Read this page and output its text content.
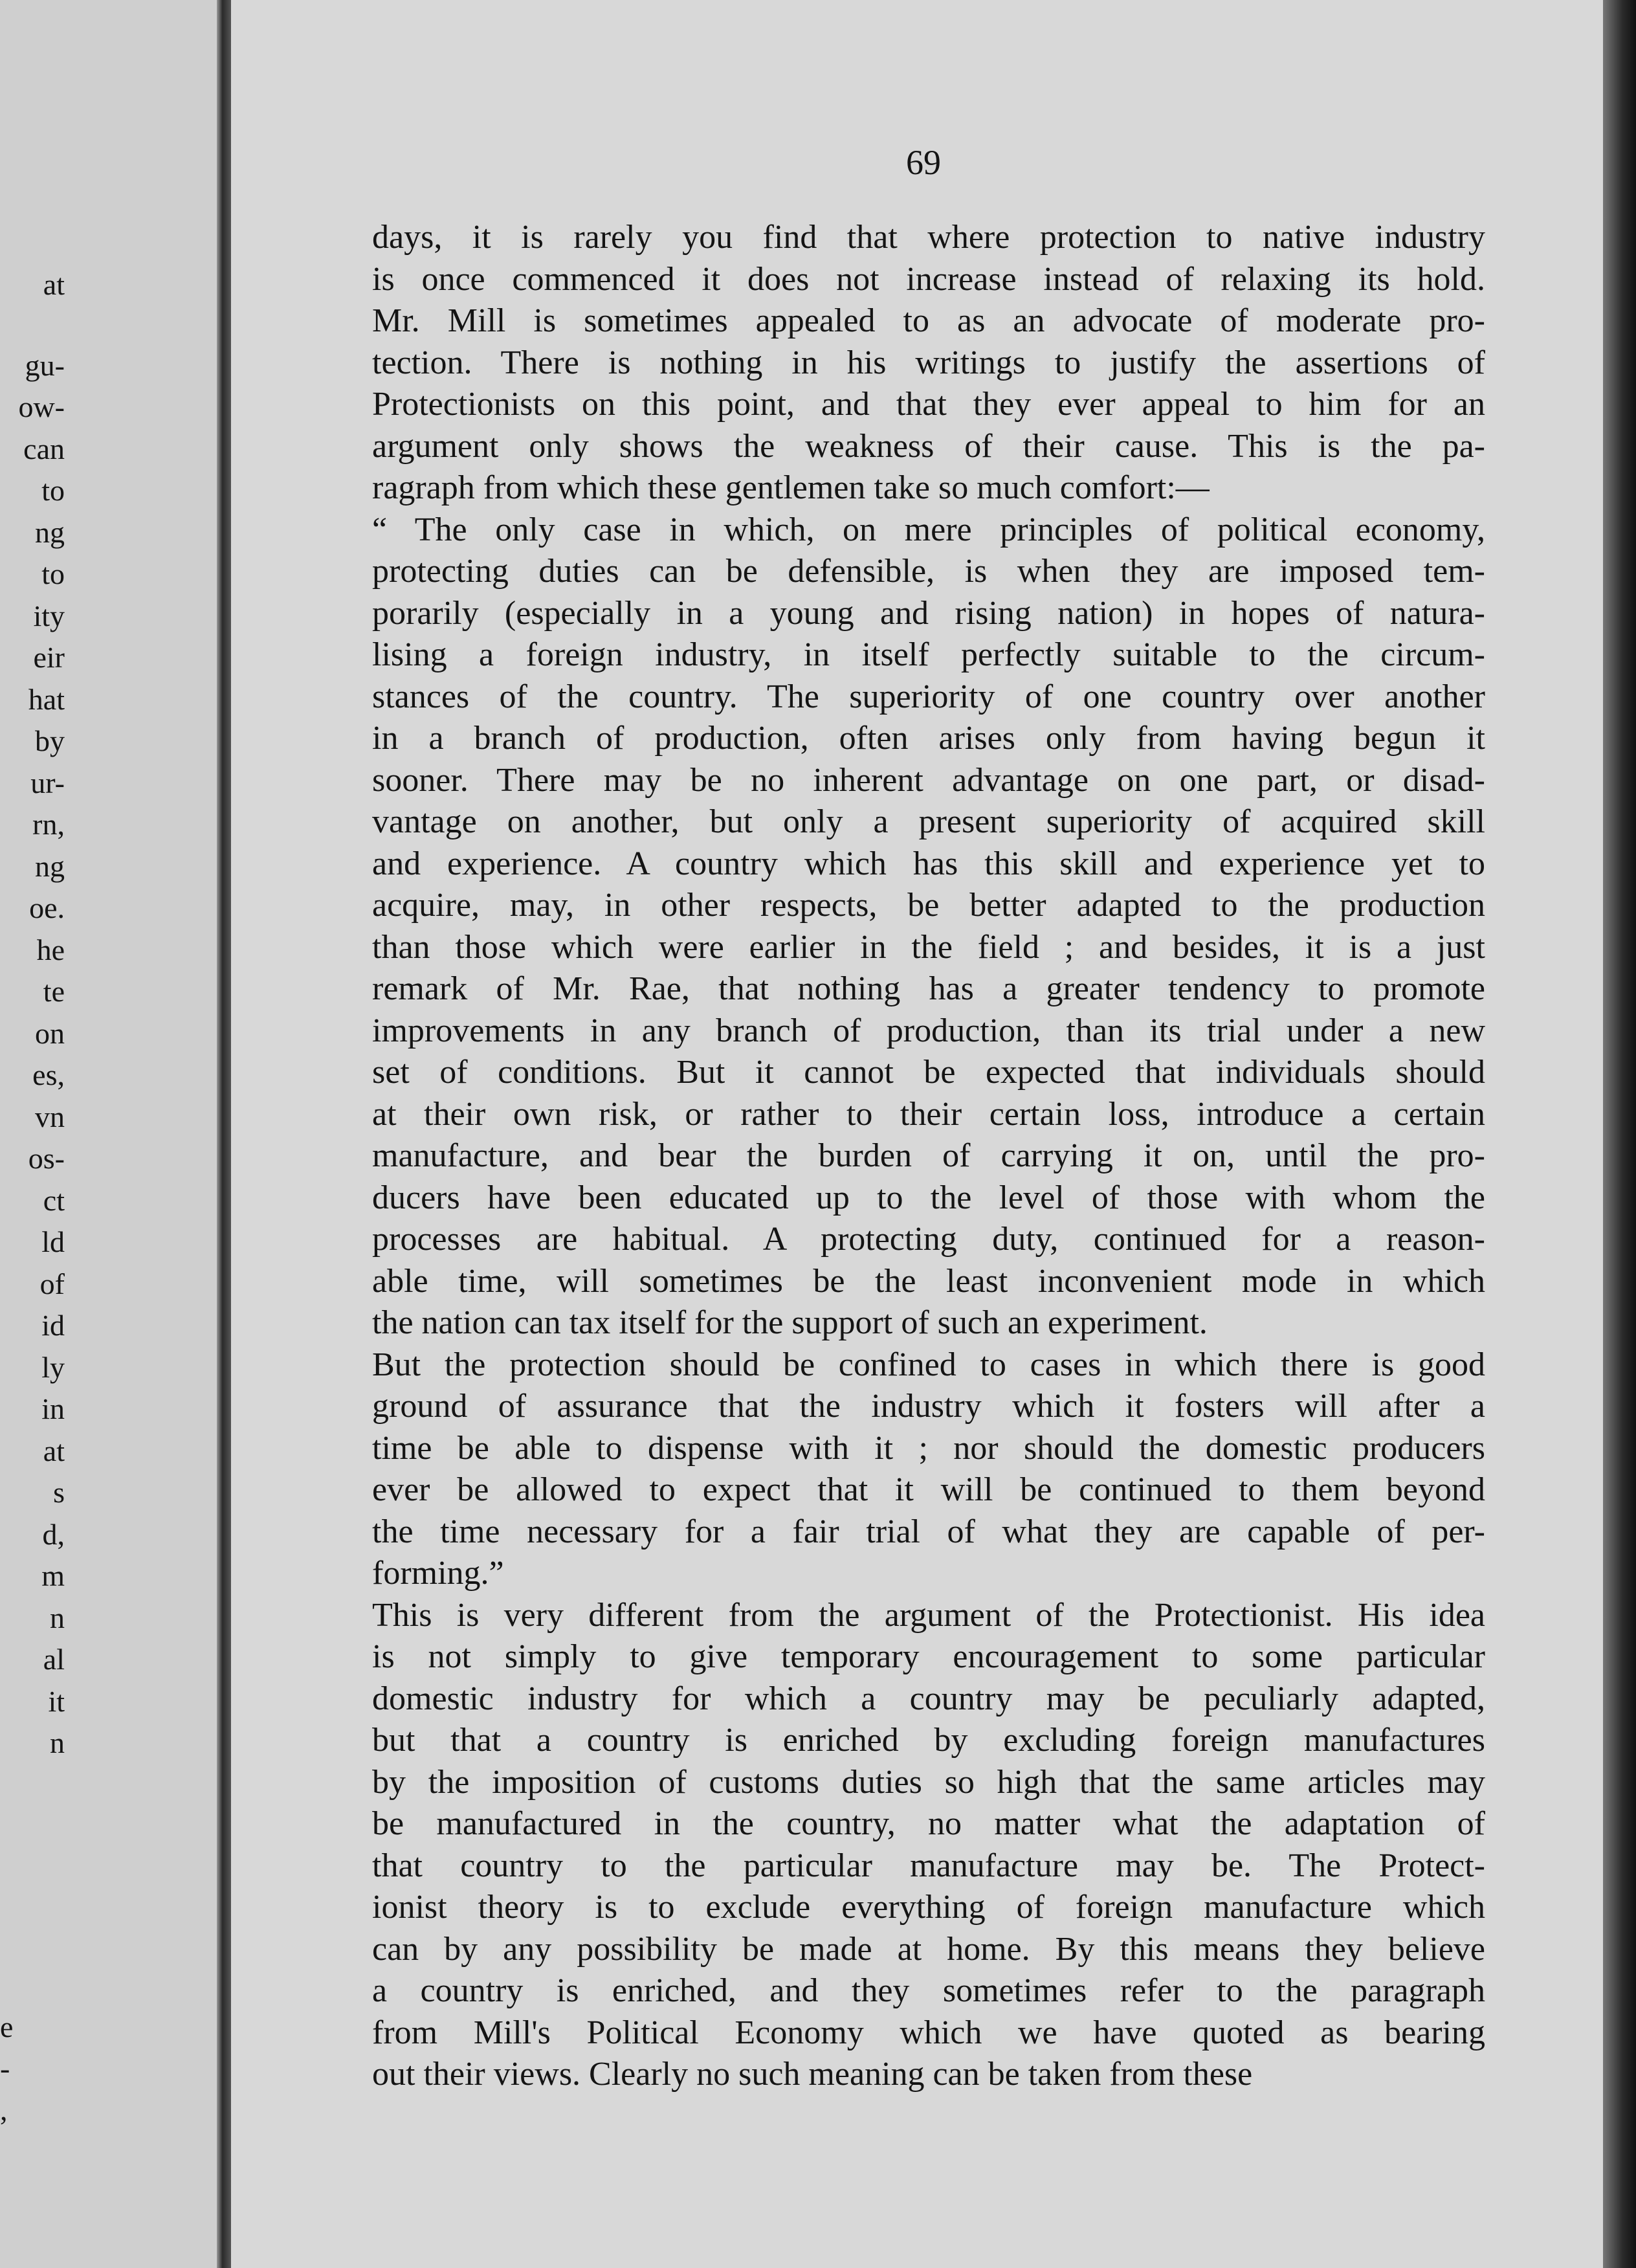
at
gu-
ow-
can
to
ng
to
ity
eir
hat
by
ur-
rn,
ng
oe.
he
te
on
es,
vn
os-
ct
ld
of
id
ly
in
at
s
d,
m
n
al
it
n
e
-
,
69
days, it is rarely you find that where protection to native industry
is once commenced it does not increase instead of relaxing its hold.
Mr. Mill is sometimes appealed to as an advocate of moderate pro-
tection. There is nothing in his writings to justify the assertions of
Protectionists on this point, and that they ever appeal to him for an
argument only shows the weakness of their cause. This is the pa-
ragraph from which these gentlemen take so much comfort:—
“ The only case in which, on mere principles of political economy,
protecting duties can be defensible, is when they are imposed tem-
porarily (especially in a young and rising nation) in hopes of natura-
lising a foreign industry, in itself perfectly suitable to the circum-
stances of the country. The superiority of one country over another
in a branch of production, often arises only from having begun it
sooner. There may be no inherent advantage on one part, or disad-
vantage on another, but only a present superiority of acquired skill
and experience. A country which has this skill and experience yet to
acquire, may, in other respects, be better adapted to the production
than those which were earlier in the field ; and besides, it is a just
remark of Mr. Rae, that nothing has a greater tendency to promote
improvements in any branch of production, than its trial under a new
set of conditions. But it cannot be expected that individuals should
at their own risk, or rather to their certain loss, introduce a certain
manufacture, and bear the burden of carrying it on, until the pro-
ducers have been educated up to the level of those with whom the
processes are habitual. A protecting duty, continued for a reason-
able time, will sometimes be the least inconvenient mode in which
the nation can tax itself for the support of such an experiment.
But the protection should be confined to cases in which there is good
ground of assurance that the industry which it fosters will after a
time be able to dispense with it ; nor should the domestic producers
ever be allowed to expect that it will be continued to them beyond
the time necessary for a fair trial of what they are capable of per-
forming.”
This is very different from the argument of the Protectionist. His idea
is not simply to give temporary encouragement to some particular
domestic industry for which a country may be peculiarly adapted,
but that a country is enriched by excluding foreign manufactures
by the imposition of customs duties so high that the same articles may
be manufactured in the country, no matter what the adaptation of
that country to the particular manufacture may be. The Protect-
ionist theory is to exclude everything of foreign manufacture which
can by any possibility be made at home. By this means they believe
a country is enriched, and they sometimes refer to the paragraph
from Mill's Political Economy which we have quoted as bearing
out their views. Clearly no such meaning can be taken from these
